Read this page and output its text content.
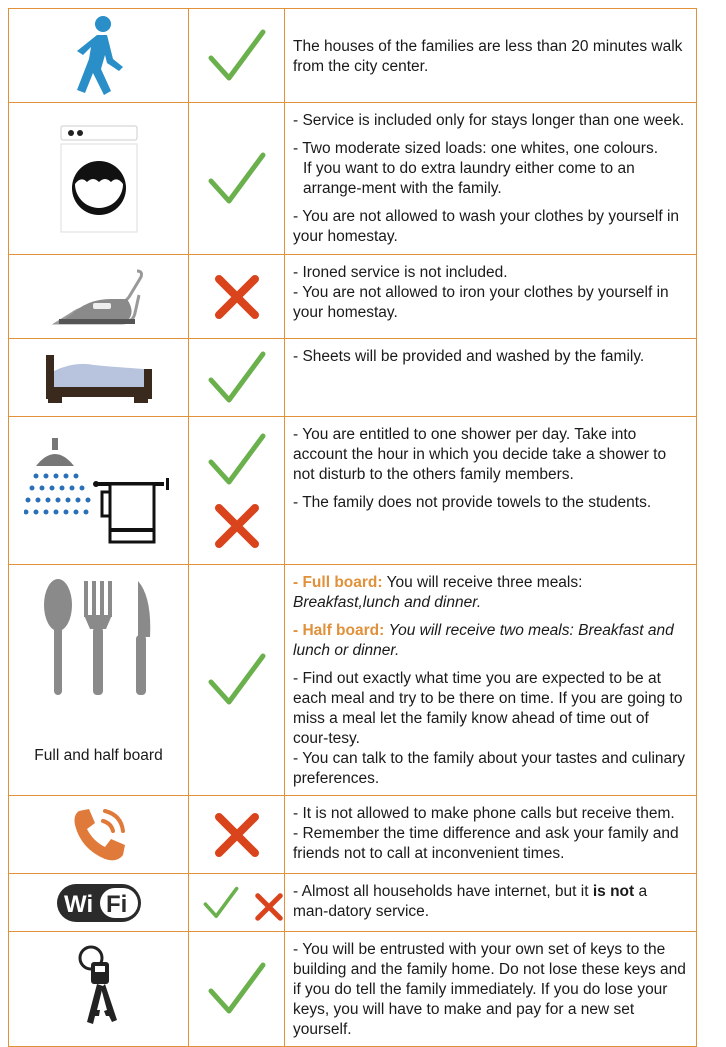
The houses of the families are less than 20 minutes walk from the city center.

- Service is included only for stays longer than one week.

- Two moderate sized loads: one whites, one colours.

If you want to do extra laundry either come to an arrange-ment with the family.

- You are not allowed to wash your clothes by yourself in your homestay.

- Ironed service is not included.

- You are not allowed to iron your clothes by yourself in your homestay.

- Sheets will be provided and washed by the family.

- You are entitled to one shower per day. Take into account the hour in which you decide take a shower to not disturb to the others family members.

- The family does not provide towels to the students.

Full and half board		- Full board: You will receive three meals: Breakfast,lunch and dinner.

- Half board: You will receive two meals: Breakfast and lunch or dinner.

- Find out exactly what time you are expected to be at each meal and try to be there on time. If you are going to miss a meal let the family know ahead of time out of cour-tesy.

- You can talk to the family about your tastes and culinary preferences.

- It is not allowed to make phone calls but receive them.

- Remember the time difference and ask your family and friends not to call at inconvenient times.

Wi Fi		- Almost all households have internet, but it is not a man-datory service.

- You will be entrusted with your own set of keys to the building and the family home. Do not lose these keys and if you do tell the family immediately. If you do lose your keys, you will have to make and pay for a new set yourself.
